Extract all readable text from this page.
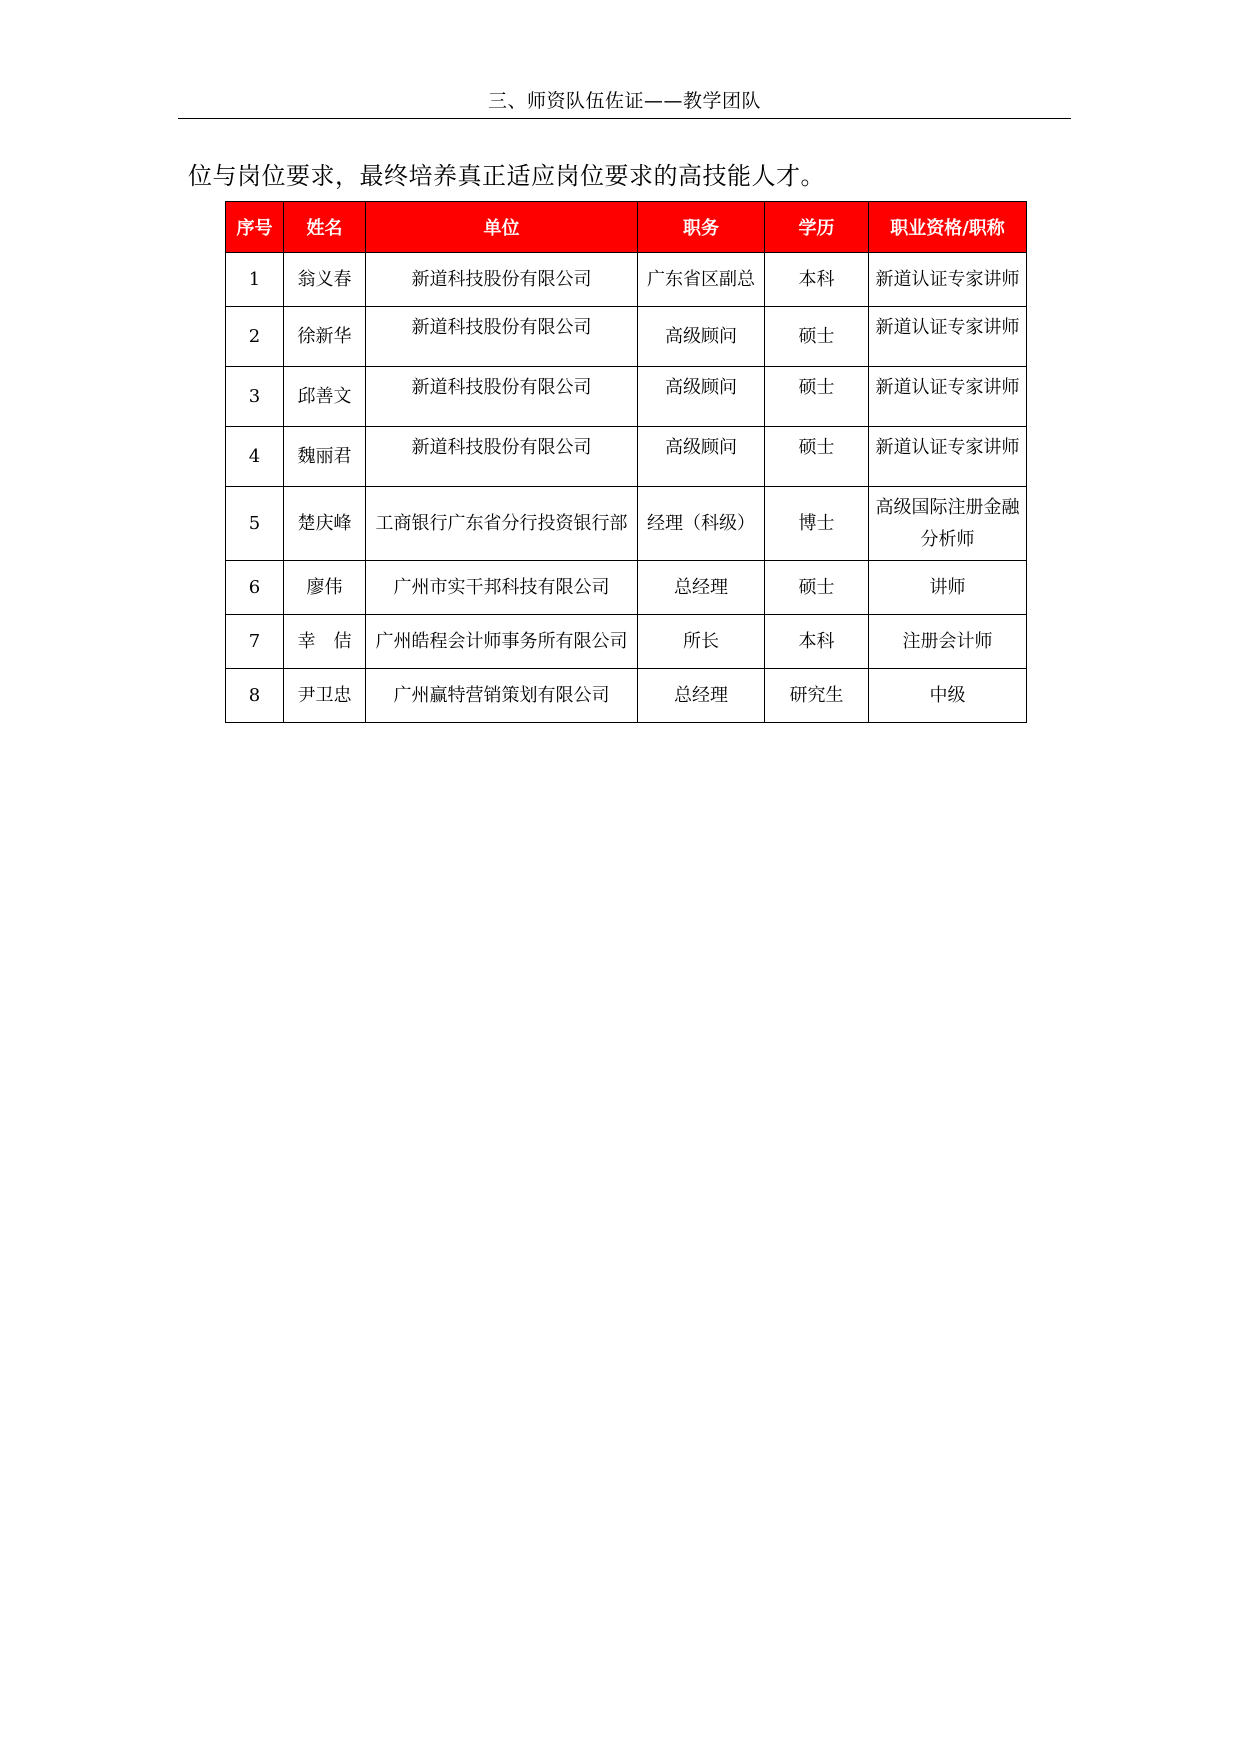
三、师资队伍佐证——教学团队
位与岗位要求，最终培养真正适应岗位要求的高技能人才。
序号	姓名	单位	职务	学历	职业资格/职称
1	翁义春	新道科技股份有限公司	广东省区副总	本科	新道认证专家讲师
2	徐新华	新道科技股份有限公司	高级顾问	硕士	新道认证专家讲师
3	邱善文	新道科技股份有限公司	高级顾问	硕士	新道认证专家讲师
4	魏丽君	新道科技股份有限公司	高级顾问	硕士	新道认证专家讲师
5	楚庆峰	工商银行广东省分行投资银行部	经理（科级）	博士	高级国际注册金融分析师
6	廖伟	广州市实干邦科技有限公司	总经理	硕士	讲师
7	幸　佶	广州皓程会计师事务所有限公司	所长	本科	注册会计师
8	尹卫忠	广州赢特营销策划有限公司	总经理	研究生	中级
